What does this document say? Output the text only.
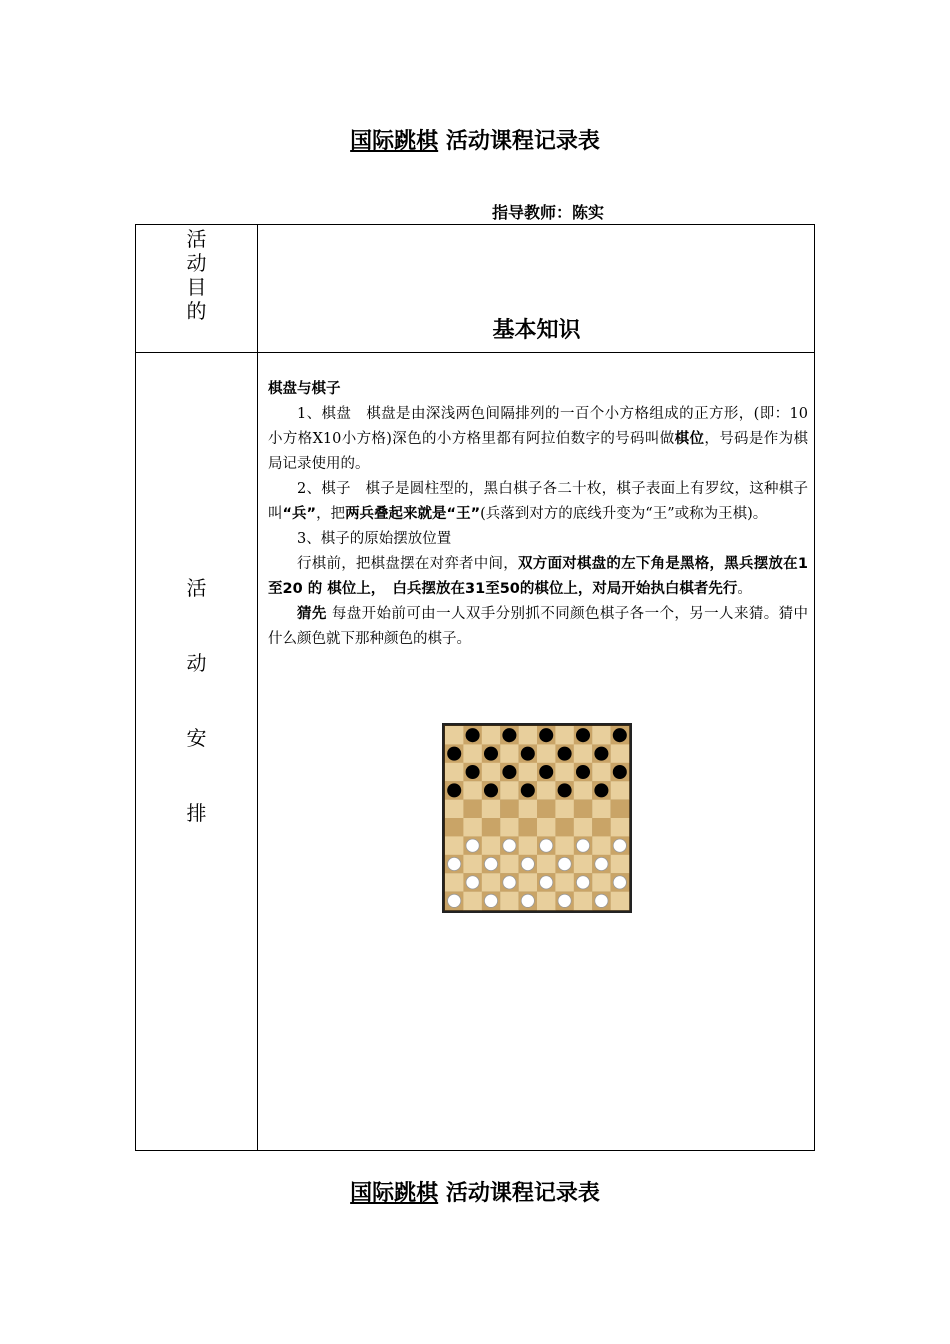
国际跳棋 活动课程记录表
指导教师：陈实
活
动
目
的
基本知识
活
动
安
排

棋盘与棋子

1、棋盘　棋盘是由深浅两色间隔排列的一百个小方格组成的正方形，(即：10小方格X10小方格)深色的小方格里都有阿拉伯数字的号码叫做棋位，号码是作为棋局记录使用的。

2、棋子　棋子是圆柱型的，黑白棋子各二十枚，棋子表面上有罗纹，这种棋子叫“兵”，把两兵叠起来就是“王”(兵落到对方的底线升变为“王”或称为王棋)。

3、棋子的原始摆放位置

行棋前，把棋盘摆在对弈者中间，双方面对棋盘的左下角是黑格，黑兵摆放在1至20 的 棋位上，　白兵摆放在31至50的棋位上，对局开始执白棋者先行。

猜先 每盘开始前可由一人双手分别抓不同颜色棋子各一个，另一人来猜。猜中什么颜色就下那种颜色的棋子。

国际跳棋 活动课程记录表
